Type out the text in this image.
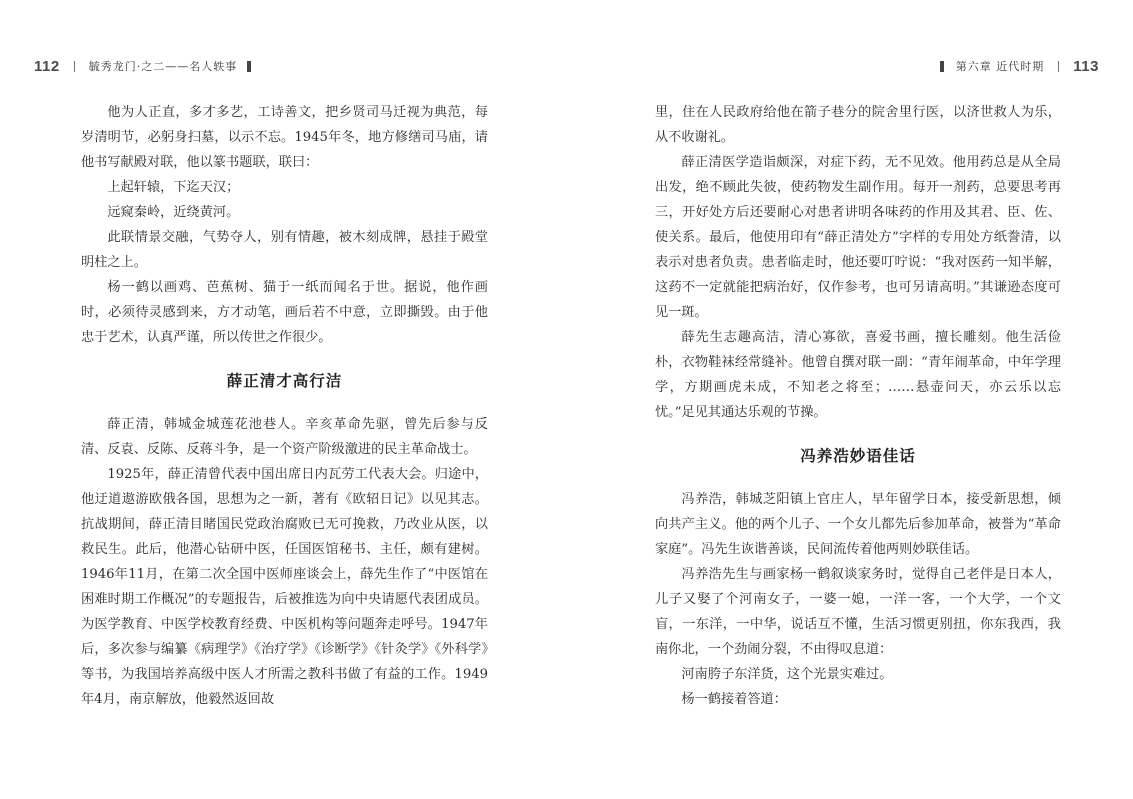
112	毓秀龙门·之二——名人轶事

他为人正直，多才多艺，工诗善文，把乡贤司马迁视为典范，每岁清明节，必躬身扫墓，以示不忘。1945年冬，地方修缮司马庙，请他书写献殿对联，他以篆书题联，联曰：

上起轩辕，下迄天汉；

远窥秦岭，近绕黄河。

此联情景交融，气势夺人，别有情趣，被木刻成牌，悬挂于殿堂明柱之上。

杨一鹤以画鸡、芭蕉树、猫于一纸而闻名于世。据说，他作画时，必须待灵感到来，方才动笔，画后若不中意，立即撕毁。由于他忠于艺术，认真严谨，所以传世之作很少。

薛正清才高行洁

薛正清，韩城金城莲花池巷人。辛亥革命先驱，曾先后参与反清、反袁、反陈、反蒋斗争，是一个资产阶级激进的民主革命战士。

1925年，薛正清曾代表中国出席日内瓦劳工代表大会。归途中，他迂道遨游欧俄各国，思想为之一新，著有《欧轺日记》以见其志。抗战期间，薛正清目睹国民党政治腐败已无可挽救，乃改业从医，以救民生。此后，他潜心钻研中医，任国医馆秘书、主任，颇有建树。1946年11月，在第二次全国中医师座谈会上，薛先生作了“中医馆在困难时期工作概况”的专题报告，后被推选为向中央请愿代表团成员。为医学教育、中医学校教育经费、中医机构等问题奔走呼号。1947年后，多次参与编纂《病理学》《治疗学》《诊断学》《针灸学》《外科学》等书，为我国培养高级中医人才所需之教科书做了有益的工作。1949年4月，南京解放，他毅然返回故

第六章 近代时期 113

里，住在人民政府给他在箭子巷分的院舍里行医，以济世救人为乐，从不收谢礼。

薛正清医学造诣颇深，对症下药，无不见效。他用药总是从全局出发，绝不顾此失彼，使药物发生副作用。每开一剂药，总要思考再三，开好处方后还要耐心对患者讲明各味药的作用及其君、臣、佐、使关系。最后，他使用印有“薛正清处方”字样的专用处方纸誊清，以表示对患者负责。患者临走时，他还要叮咛说：“我对医药一知半解，这药不一定就能把病治好，仅作参考，也可另请高明。”其谦逊态度可见一斑。

薛先生志趣高洁，清心寡欲，喜爱书画，擅长雕刻。他生活俭朴，衣物鞋袜经常缝补。他曾自撰对联一副：“青年闹革命，中年学理学，方期画虎未成，不知老之将至；……悬壶问天，亦云乐以忘忧。”足见其通达乐观的节操。

冯养浩妙语佳话

冯养浩，韩城芝阳镇上官庄人，早年留学日本，接受新思想，倾向共产主义。他的两个儿子、一个女儿都先后参加革命，被誉为“革命家庭”。冯先生诙谐善谈，民间流传着他两则妙联佳话。

冯养浩先生与画家杨一鹤叙谈家务时，觉得自己老伴是日本人，儿子又娶了个河南女子，一婆一媳，一洋一客，一个大学，一个文盲，一东洋，一中华，说话互不懂，生活习惯更别扭，你东我西，我南你北，一个劲闹分裂，不由得叹息道：

河南胯子东洋货，这个光景实难过。

杨一鹤接着答道：
